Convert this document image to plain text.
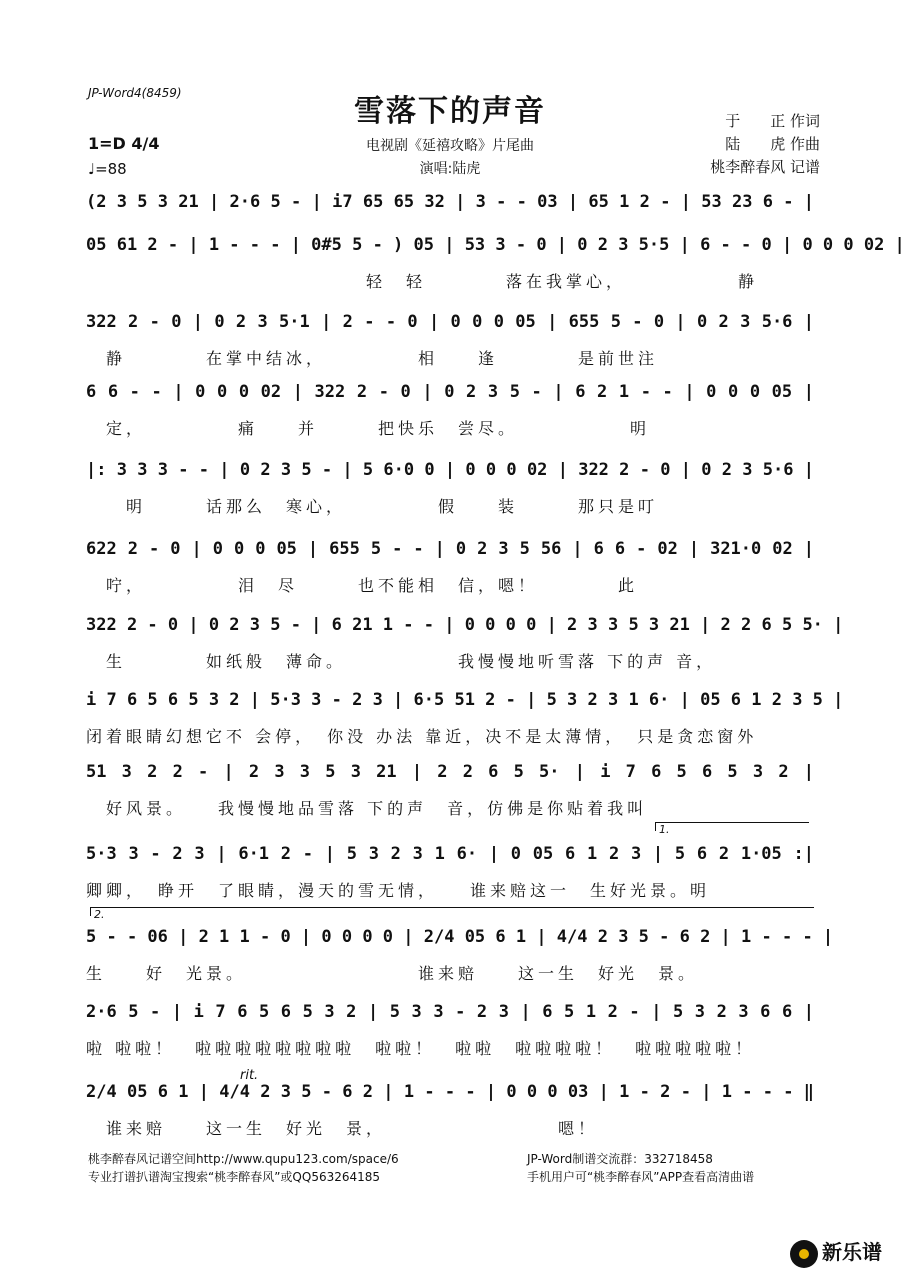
JP-Word4(8459)
雪落下的声音
电视剧《延禧攻略》片尾曲
演唱:陆虎
1=D 4/4
♩=88
于　　正 作词
陆　　虎 作曲
桃李醉春风 记谱
(2 3 5 3 21 | 2·6 5 - | i7 65 65 32 | 3 - - 03 | 65 1 2 - | 53 23 6 - |
05 61 2 - | 1 - - - | 0#5 5 - ) 05 | 53 3 - 0 | 0 2 3 5·5 | 6 - - 0 | 0 0 0 02 |
　　　　　　　　　　　　　　轻　轻　　　　落在我掌心，　　　　　　静
322 2 - 0 | 0 2 3 5·1 | 2 - - 0 | 0 0 0 05 | 655 5 - 0 | 0 2 3 5·6 |
　静　　　　在掌中结冰，　　　　　相　　逢　　　　是前世注
6 6 - - | 0 0 0 02 | 322 2 - 0 | 0 2 3 5 - | 6 2 1 - - | 0 0 0 05 |
　定，　　　　　痛　　并　　　把快乐　尝尽。　　　　　　明
|: 3 3 3 - - | 0 2 3 5 - | 5 6·0 0 | 0 0 0 02 | 322 2 - 0 | 0 2 3 5·6 |
　　明　　　话那么　寒心，　　　　　假　　装　　　那只是叮
622 2 - 0 | 0 0 0 05 | 655 5 - - | 0 2 3 5 56 | 6 6 - 02 | 321·0 02 |
　咛，　　　　　泪　尽　　　也不能相　信，嗯！　　　　此
322 2 - 0 | 0 2 3 5 - | 6 21 1 - - | 0 0 0 0 | 2 3 3 5 3 21 | 2 2 6 5 5· |
　生　　　　如纸般　薄命。　　　　　　我慢慢地听雪落 下的声 音，
i 7 6 5 6 5 3 2 | 5·3 3 - 2 3 | 6·5 51 2 - | 5 3 2 3 1 6· | 05 6 1 2 3 5 |
闭着眼睛幻想它不 会停，　你没 办法 靠近，决不是太薄情，　只是贪恋窗外
51 3 2 2 - | 2 3 3 5 3 21 | 2 2 6 5 5· | i 7 6 5 6 5 3 2 |
　好风景。　　我慢慢地品雪落 下的声　音，仿佛是你贴着我叫
5·3 3 - 2 3 | 6·1 2 - | 5 3 2 3 1 6· | 0 05 6 1 2 3 | 5 6 2 1·05 :|
卿卿，　睁开　了眼睛，漫天的雪无情，　　谁来赔这一　生好光景。明
5 - - 06 | 2 1 1 - 0 | 0 0 0 0 | 2/4 05 6 1 | 4/4 2 3 5 - 6 2 | 1 - - - |
生　　好　光景。　　　　　　　　　谁来赔　　这一生　好光　景。
2·6 5 - | i 7 6 5 6 5 3 2 | 5 3 3 - 2 3 | 6 5 1 2 - | 5 3 2 3 6 6 |
啦 啦啦！　啦啦啦啦啦啦啦啦　啦啦！　啦啦　啦啦啦啦！　啦啦啦啦啦！
2/4 05 6 1 | 4/4 2 3 5 - 6 2 | 1 - - - | 0 0 0 03 | 1 - 2 - | 1 - - - ‖
　谁来赔　　这一生　好光　景，　　　　　　　　　嗯！
1.
2.
rit.
桃李醉春风记谱空间http://www.qupu123.com/space/6
专业打谱扒谱淘宝搜索“桃李醉春风”或QQ563264185
JP-Word制谱交流群：332718458
手机用户可“桃李醉春风”APP查看高清曲谱
新乐谱
